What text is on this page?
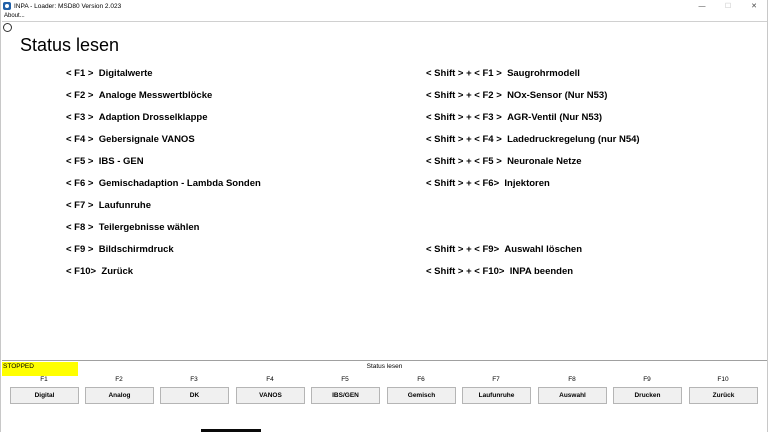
INPA - Loader: MSD80 Version 2.023	—	☐	✕
About...
Status lesen
< F1 > Digitalwerte
< F2 > Analoge Messwertblöcke
< F3 > Adaption Drosselklappe
< F4 > Gebersignale VANOS
< F5 > IBS - GEN
< F6 > Gemischadaption - Lambda Sonden
< F7 > Laufunruhe
< F8 > Teilergebnisse wählen
< F9 > Bildschirmdruck
< F10> Zurück
< Shift > + < F1 > Saugrohrmodell
< Shift > + < F2 > NOx-Sensor (Nur N53)
< Shift > + < F3 > AGR-Ventil (Nur N53)
< Shift > + < F4 > Ladedruckregelung (nur N54)
< Shift > + < F5 > Neuronale Netze
< Shift > + < F6> Injektoren
< Shift > + < F9> Auswahl löschen
< Shift > + < F10> INPA beenden
Status lesen
STOPPED
F1	F2	F3	F4	F5	F6	F7	F8	F9	F10
Digital	Analog	DK	VANOS	IBS/GEN	Gemisch	Laufunruhe	Auswahl	Drucken	Zurück
